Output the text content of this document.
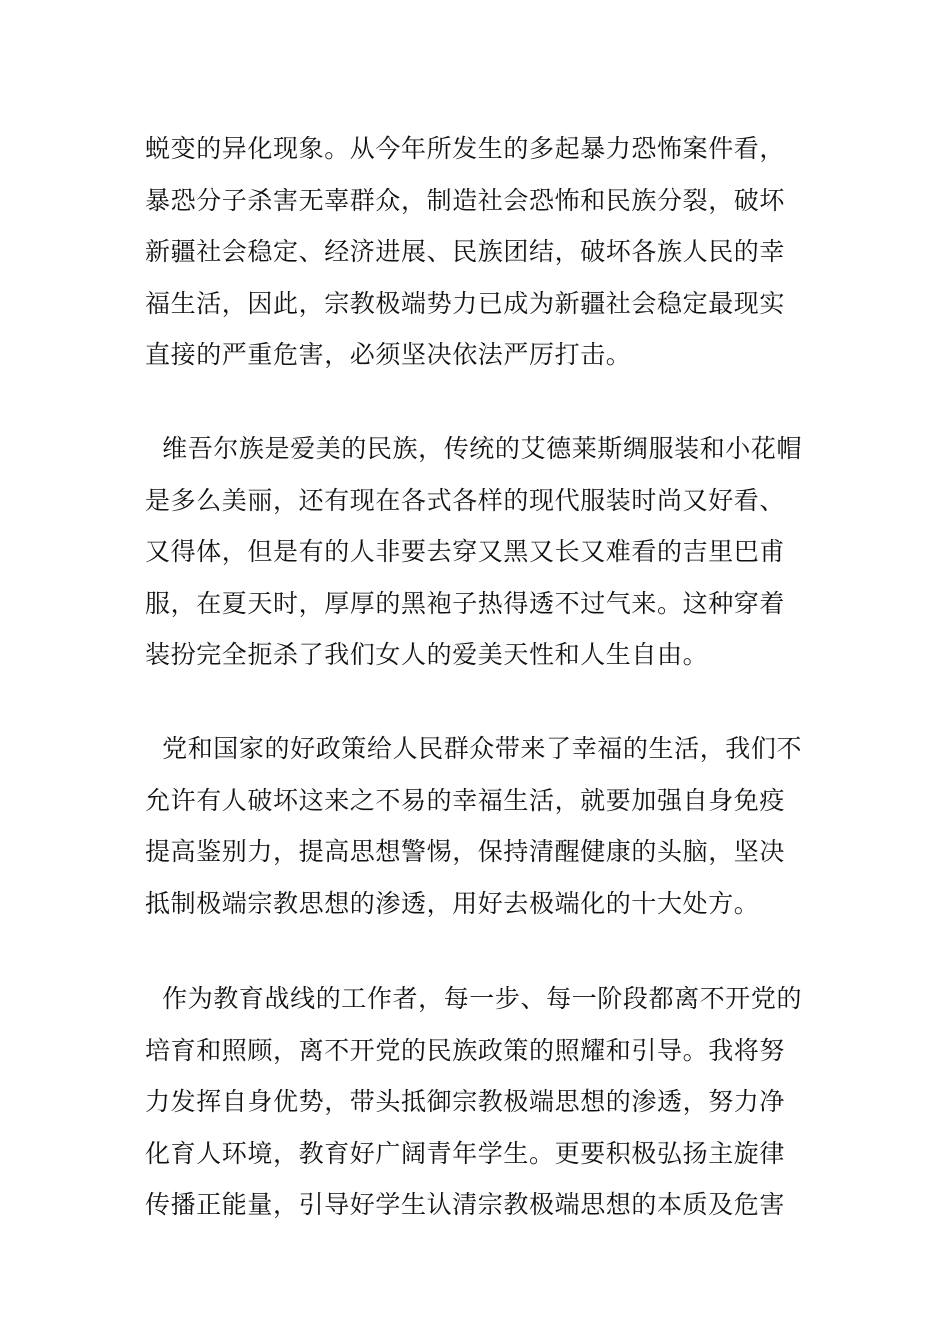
蜕变的异化现象。从今年所发生的多起暴力恐怖案件看，
暴恐分子杀害无辜群众，制造社会恐怖和民族分裂，破坏
新疆社会稳定、经济进展、民族团结，破坏各族人民的幸
福生活，因此，宗教极端势力已成为新疆社会稳定最现实
直接的严重危害，必须坚决依法严厉打击。
维吾尔族是爱美的民族，传统的艾德莱斯绸服装和小花帽
是多么美丽，还有现在各式各样的现代服装时尚又好看、
又得体，但是有的人非要去穿又黑又长又难看的吉里巴甫
服，在夏天时，厚厚的黑袍子热得透不过气来。这种穿着
装扮完全扼杀了我们女人的爱美天性和人生自由。
党和国家的好政策给人民群众带来了幸福的生活，我们不
允许有人破坏这来之不易的幸福生活，就要加强自身免疫
提高鉴别力，提高思想警惕，保持清醒健康的头脑，坚决
抵制极端宗教思想的渗透，用好去极端化的十大处方。
作为教育战线的工作者，每一步、每一阶段都离不开党的
培育和照顾，离不开党的民族政策的照耀和引导。我将努
力发挥自身优势，带头抵御宗教极端思想的渗透，努力净
化育人环境，教育好广阔青年学生。更要积极弘扬主旋律
传播正能量，引导好学生认清宗教极端思想的本质及危害
